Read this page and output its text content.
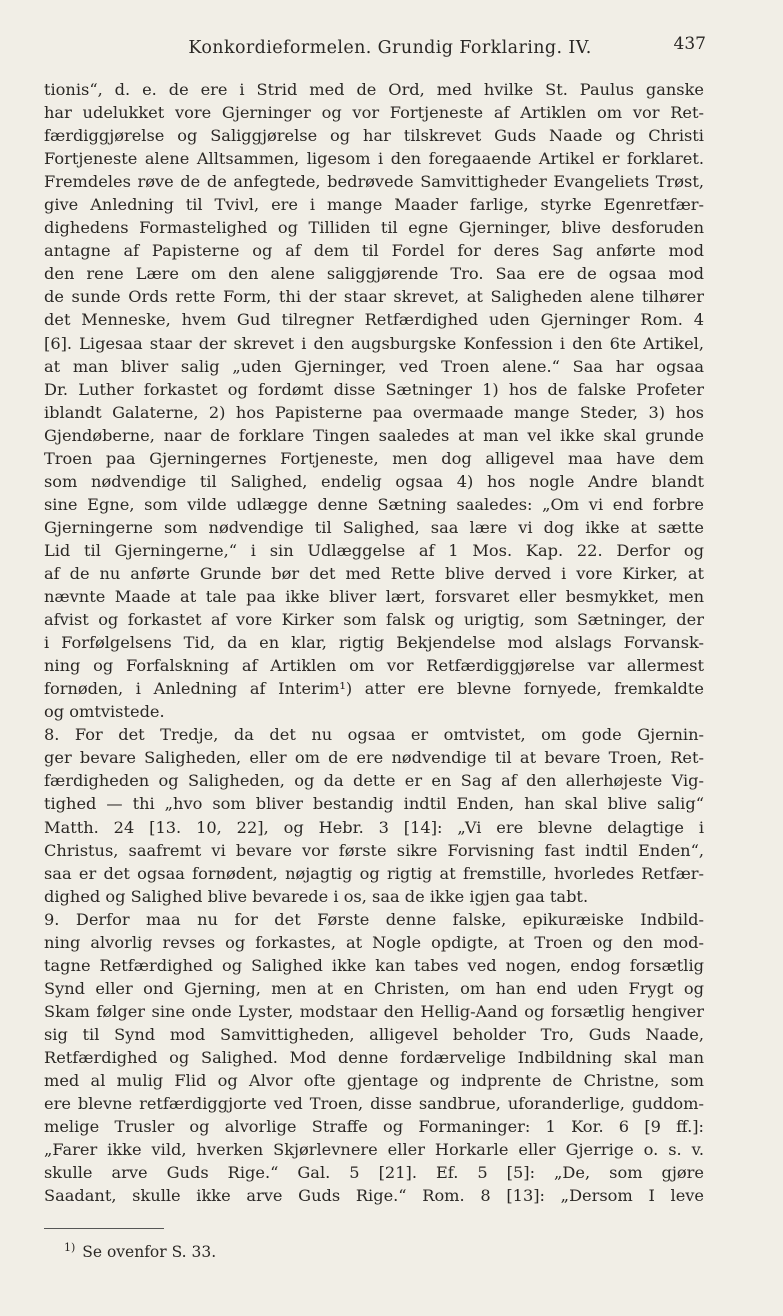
Konkordieformelen. Grundig Forklaring. IV.	437
tionis“, d. e. de ere i Strid med de Ord, med hvilke St. Paulus ganske
har udelukket vore Gjerninger og vor Fortjeneste af Artiklen om vor Ret-
færdiggjørelse og Saliggjørelse og har tilskrevet Guds Naade og Christi
Fortjeneste alene Alltsammen, ligesom i den foregaaende Artikel er forklaret.
Fremdeles røve de de anfegtede, bedrøvede Samvittigheder Evangeliets Trøst,
give Anledning til Tvivl, ere i mange Maader farlige, styrke Egenretfær-
dighedens Formastelighed og Tilliden til egne Gjerninger, blive desforuden
antagne af Papisterne og af dem til Fordel for deres Sag anførte mod
den rene Lære om den alene saliggjørende Tro. Saa ere de ogsaa mod
de sunde Ords rette Form, thi der staar skrevet, at Saligheden alene tilhører
det Menneske, hvem Gud tilregner Retfærdighed uden Gjerninger Rom. 4
[6]. Ligesaa staar der skrevet i den augsburgske Konfession i den 6te Artikel,
at man bliver salig „uden Gjerninger, ved Troen alene.“ Saa har ogsaa
Dr. Luther forkastet og fordømt disse Sætninger 1) hos de falske Profeter
iblandt Galaterne, 2) hos Papisterne paa overmaade mange Steder, 3) hos
Gjendøberne, naar de forklare Tingen saaledes at man vel ikke skal grunde
Troen paa Gjerningernes Fortjeneste, men dog alligevel maa have dem
som nødvendige til Salighed, endelig ogsaa 4) hos nogle Andre blandt
sine Egne, som vilde udlægge denne Sætning saaledes: „Om vi end forbre
Gjerningerne som nødvendige til Salighed, saa lære vi dog ikke at sætte
Lid til Gjerningerne,“ i sin Udlæggelse af 1 Mos. Kap. 22. Derfor og
af de nu anførte Grunde bør det med Rette blive derved i vore Kirker, at
nævnte Maade at tale paa ikke bliver lært, forsvaret eller besmykket, men
afvist og forkastet af vore Kirker som falsk og urigtig, som Sætninger, der
i Forfølgelsens Tid, da en klar, rigtig Bekjendelse mod alslags Forvansk-
ning og Forfalskning af Artiklen om vor Retfærdiggjørelse var allermest
fornøden, i Anledning af Interim¹) atter ere blevne fornyede, fremkaldte
og omtvistede.
8. For det Tredje, da det nu ogsaa er omtvistet, om gode Gjernin-
ger bevare Saligheden, eller om de ere nødvendige til at bevare Troen, Ret-
færdigheden og Saligheden, og da dette er en Sag af den allerhøjeste Vig-
tighed — thi „hvo som bliver bestandig indtil Enden, han skal blive salig“
Matth. 24 [13. 10, 22], og Hebr. 3 [14]: „Vi ere blevne delagtige i
Christus, saafremt vi bevare vor første sikre Forvisning fast indtil Enden“,
saa er det ogsaa fornødent, nøjagtig og rigtig at fremstille, hvorledes Retfær-
dighed og Salighed blive bevarede i os, saa de ikke igjen gaa tabt.
9. Derfor maa nu for det Første denne falske, epikuræiske Indbild-
ning alvorlig revses og forkastes, at Nogle opdigte, at Troen og den mod-
tagne Retfærdighed og Salighed ikke kan tabes ved nogen, endog forsætlig
Synd eller ond Gjerning, men at en Christen, om han end uden Frygt og
Skam følger sine onde Lyster, modstaar den Hellig-Aand og forsætlig hengiver
sig til Synd mod Samvittigheden, alligevel beholder Tro, Guds Naade,
Retfærdighed og Salighed. Mod denne fordærvelige Indbildning skal man
med al mulig Flid og Alvor ofte gjentage og indprente de Christne, som
ere blevne retfærdiggjorte ved Troen, disse sandbrue, uforanderlige, guddom-
melige Trusler og alvorlige Straffe og Formaninger: 1 Kor. 6 [9 ff.]:
„Farer ikke vild, hverken Skjørlevnere eller Horkarle eller Gjerrige o. s. v.
skulle arve Guds Rige.“ Gal. 5 [21]. Ef. 5 [5]: „De, som gjøre
Saadant, skulle ikke arve Guds Rige.“ Rom. 8 [13]: „Dersom I leve
$^{1)}$ Se ovenfor S. 33.
